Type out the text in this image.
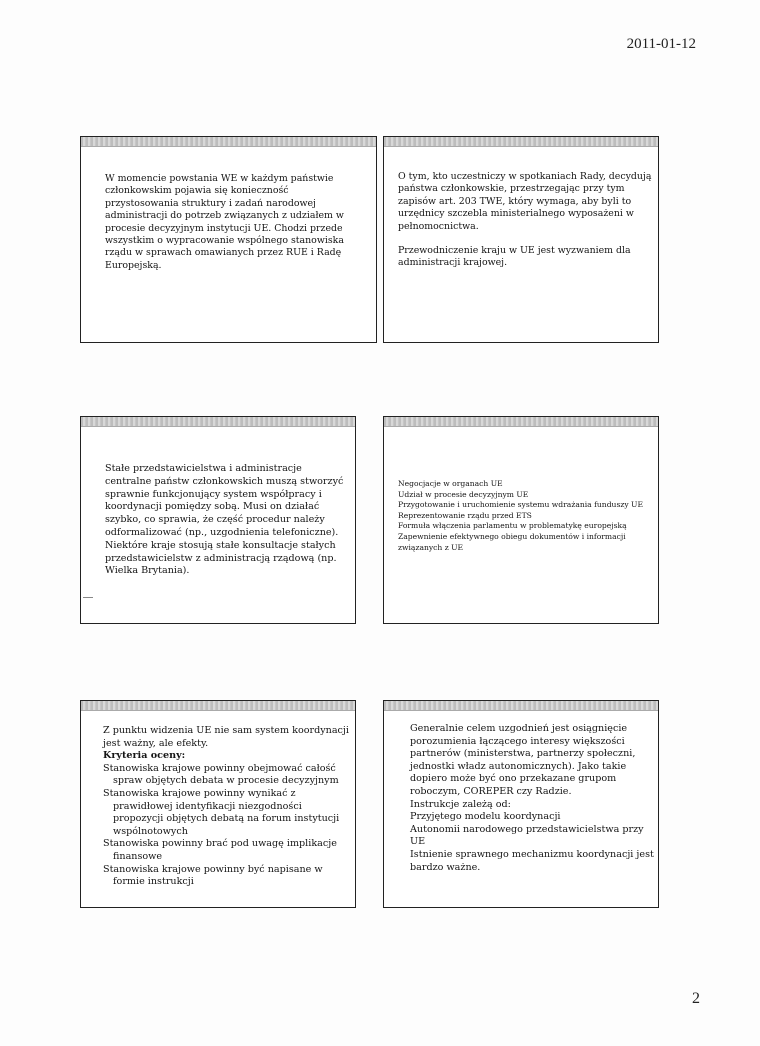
2011-01-12

W momencie powstania WE w każdym państwie członkowskim pojawia się konieczność przystosowania struktury i zadań narodowej administracji do potrzeb związanych z udziałem w procesie decyzyjnym instytucji UE. Chodzi przede wszystkim o wypracowanie wspólnego stanowiska rządu w sprawach omawianych przez RUE i Radę Europejską.

O tym, kto uczestniczy w spotkaniach Rady, decydują państwa członkowskie, przestrzegając przy tym zapisów art. 203 TWE, który wymaga, aby byli to urzędnicy szczebla ministerialnego wyposażeni w pełnomocnictwa.

Przewodniczenie kraju w UE jest wyzwaniem dla administracji krajowej.

Stałe przedstawicielstwa i administracje centralne państw członkowskich muszą stworzyć sprawnie funkcjonujący system współpracy i koordynacji pomiędzy sobą. Musi on działać szybko, co sprawia, że część procedur należy odformalizować (np., uzgodnienia telefoniczne). Niektóre kraje stosują stałe konsultacje stałych przedstawicielstw z administracją rządową (np. Wielka Brytania).

Negocjacje w organach UE

Udział w procesie decyzyjnym UE

Przygotowanie i uruchomienie systemu wdrażania funduszy UE

Reprezentowanie rządu przed ETS

Formuła włączenia parlamentu w problematykę europejską

Zapewnienie efektywnego obiegu dokumentów i informacji związanych z UE

Z punktu widzenia UE nie sam system koordynacji jest ważny, ale efekty.

Kryteria oceny:

Stanowiska krajowe powinny obejmować całość spraw objętych debata w procesie decyzyjnym

Stanowiska krajowe powinny wynikać z prawidłowej identyfikacji niezgodności propozycji objętych debatą na forum instytucji wspólnotowych

Stanowiska powinny brać pod uwagę implikacje finansowe

Stanowiska krajowe powinny być napisane w formie instrukcji

Generalnie celem uzgodnień jest osiągnięcie porozumienia łączącego interesy większości partnerów (ministerstwa, partnerzy społeczni, jednostki władz autonomicznych). Jako takie dopiero może być ono przekazane grupom roboczym, COREPER czy Radzie.

Instrukcje zależą od:

Przyjętego modelu koordynacji

Autonomii narodowego przedstawicielstwa przy UE

Istnienie sprawnego mechanizmu koordynacji jest bardzo ważne.

2
